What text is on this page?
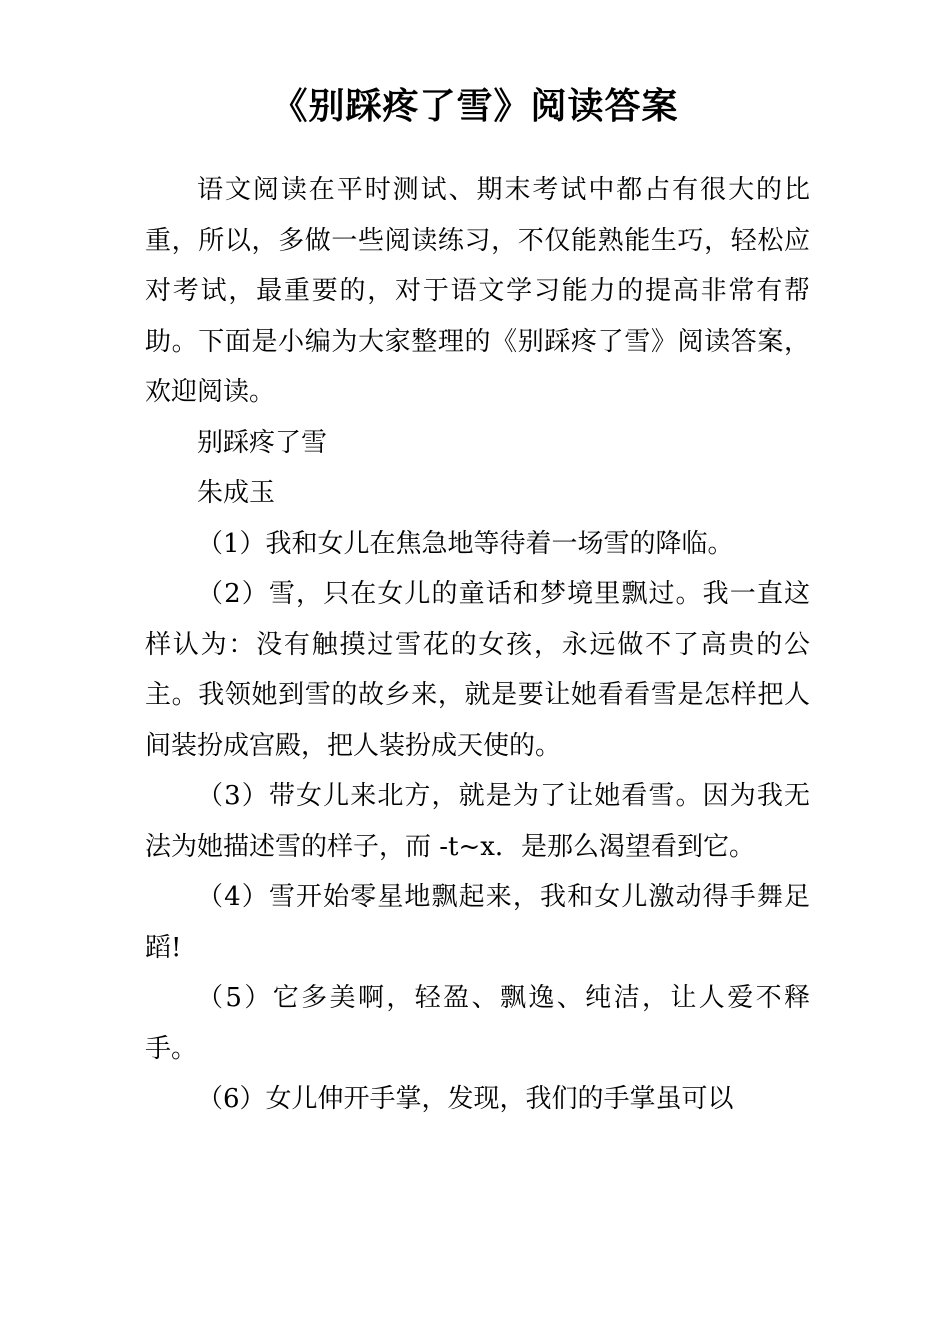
《别踩疼了雪》阅读答案

语文阅读在平时测试、期末考试中都占有很大的比重，所以，多做一些阅读练习，不仅能熟能生巧，轻松应对考试，最重要的，对于语文学习能力的提高非常有帮助。下面是小编为大家整理的《别踩疼了雪》阅读答案，欢迎阅读。

别踩疼了雪

朱成玉

（1）我和女儿在焦急地等待着一场雪的降临。

（2）雪，只在女儿的童话和梦境里飘过。我一直这样认为：没有触摸过雪花的女孩，永远做不了高贵的公主。我领她到雪的故乡来，就是要让她看看雪是怎样把人间装扮成宫殿，把人装扮成天使的。

（3）带女儿来北方，就是为了让她看雪。因为我无法为她描述雪的样子，而 -t~x．是那么渴望看到它。

（4）雪开始零星地飘起来，我和女儿激动得手舞足蹈!

（5）它多美啊，轻盈、飘逸、纯洁，让人爱不释手。

（6）女儿伸开手掌，发现，我们的手掌虽可以
